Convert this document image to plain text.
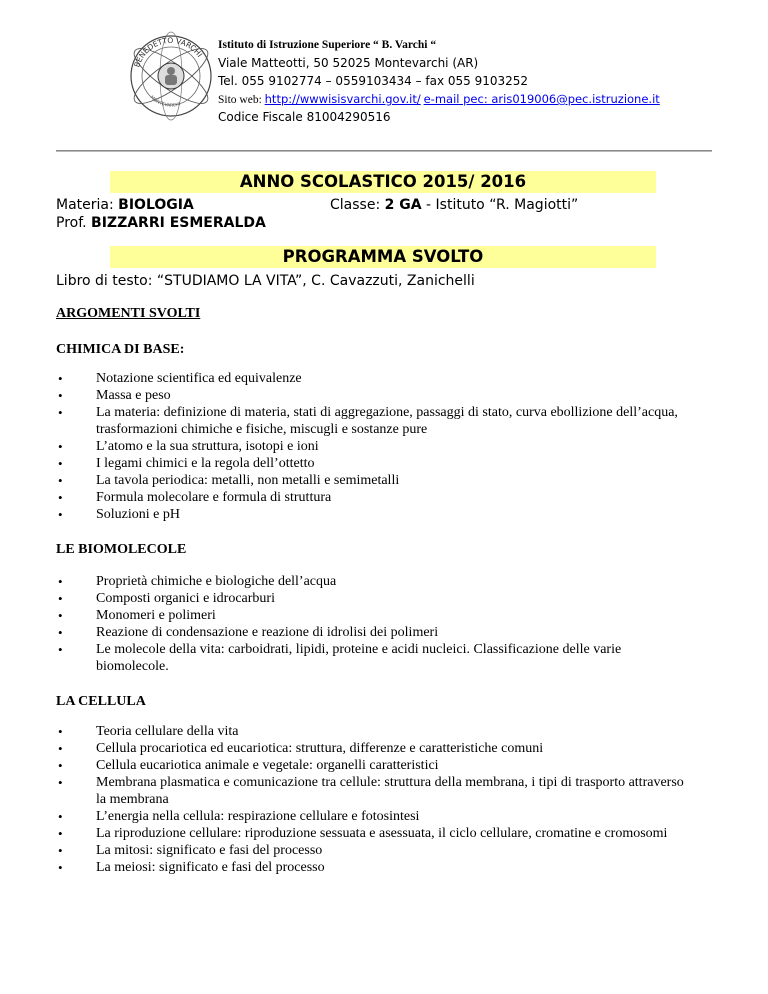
BENEDETTO VARCHI
MONTEVARCHI
Istituto di Istruzione Superiore “ B. Varchi “
Viale Matteotti, 50 52025 Montevarchi (AR)
Tel. 055 9102774 – 0559103434 – fax 055 9103252
Sito web: http://wwwisisvarchi.gov.it/ e-mail pec: aris019006@pec.istruzione.it
Codice Fiscale 81004290516
ANNO SCOLASTICO 2015/ 2016
Materia: BIOLOGIA	Classe: 2 GA - Istituto “R. Magiotti”
Prof. BIZZARRI ESMERALDA
PROGRAMMA SVOLTO
Libro di testo: “STUDIAMO LA VITA”, C. Cavazzuti, Zanichelli
ARGOMENTI SVOLTI
CHIMICA DI BASE:
• Notazione scientifica ed equivalenze
• Massa e peso
• La materia: definizione di materia, stati di aggregazione, passaggi di stato, curva ebollizione dell’acqua, trasformazioni chimiche e fisiche, miscugli e sostanze pure
• L’atomo e la sua struttura, isotopi e ioni
• I legami chimici e la regola dell’ottetto
• La tavola periodica: metalli, non metalli e semimetalli
• Formula molecolare e formula di struttura
• Soluzioni e pH
LE BIOMOLECOLE
• Proprietà chimiche e biologiche dell’acqua
• Composti organici e idrocarburi
• Monomeri e polimeri
• Reazione di condensazione e reazione di idrolisi dei polimeri
• Le molecole della vita: carboidrati, lipidi, proteine e acidi nucleici. Classificazione delle varie biomolecole.
LA CELLULA
• Teoria cellulare della vita
• Cellula procariotica ed eucariotica: struttura, differenze e caratteristiche comuni
• Cellula eucariotica animale e vegetale: organelli caratteristici
• Membrana plasmatica e comunicazione tra cellule: struttura della membrana, i tipi di trasporto attraverso la membrana
• L’energia nella cellula: respirazione cellulare e fotosintesi
• La riproduzione cellulare: riproduzione sessuata e asessuata, il ciclo cellulare, cromatine e cromosomi
• La mitosi: significato e fasi del processo
• La meiosi: significato e fasi del processo
